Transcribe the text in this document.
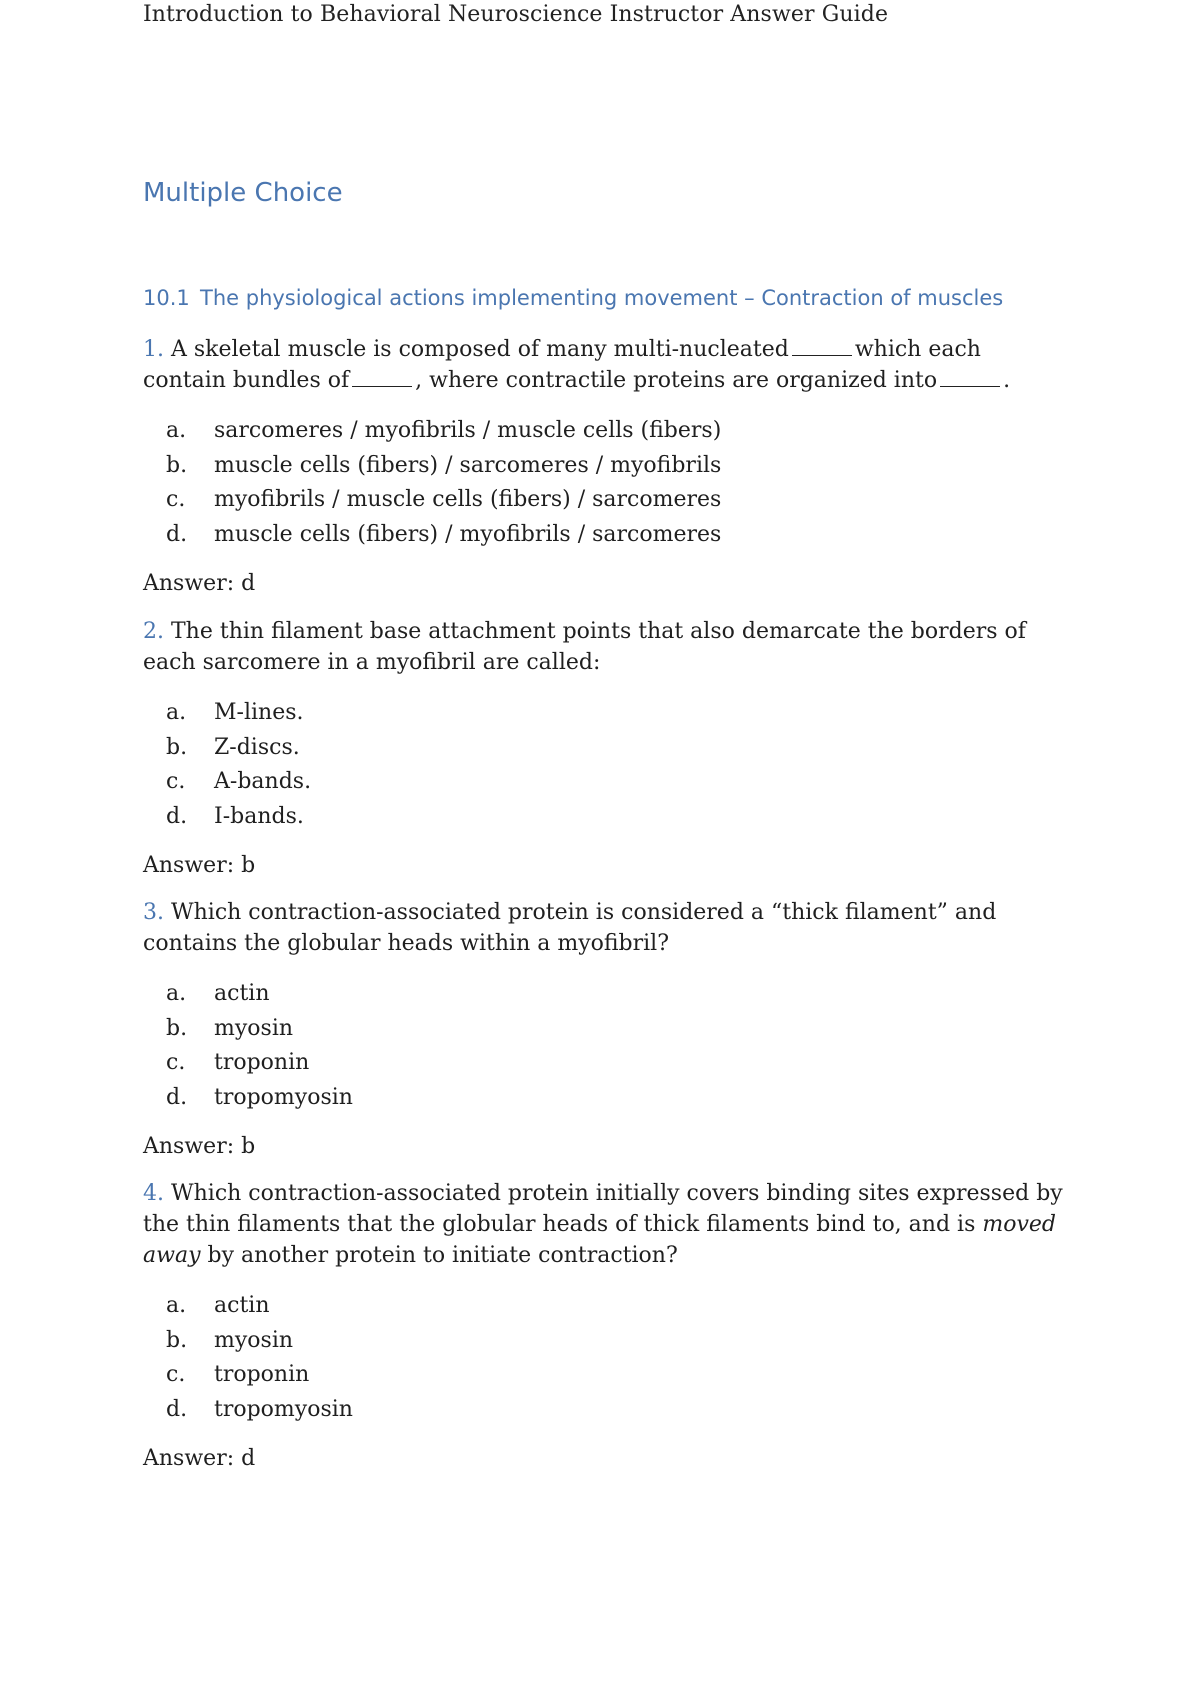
Introduction to Behavioral Neuroscience Instructor Answer Guide
Multiple Choice
10.1 The physiological actions implementing movement – Contraction of muscles

1. A skeletal muscle is composed of many multi-nucleated	which each contain bundles of	, where contractile proteins are organized into	.

a. sarcomeres / myofibrils / muscle cells (fibers)
b. muscle cells (fibers) / sarcomeres / myofibrils
c. myofibrils / muscle cells (fibers) / sarcomeres
d. muscle cells (fibers) / myofibrils / sarcomeres
Answer: d

2. The thin filament base attachment points that also demarcate the borders of each sarcomere in a myofibril are called:

a. M-lines.
b. Z-discs.
c. A-bands.
d. I-bands.
Answer: b

3. Which contraction-associated protein is considered a “thick filament” and contains the globular heads within a myofibril?

a. actin
b. myosin
c. troponin
d. tropomyosin
Answer: b

4. Which contraction-associated protein initially covers binding sites expressed by the thin filaments that the globular heads of thick filaments bind to, and is moved away by another protein to initiate contraction?

a. actin
b. myosin
c. troponin
d. tropomyosin
Answer: d
